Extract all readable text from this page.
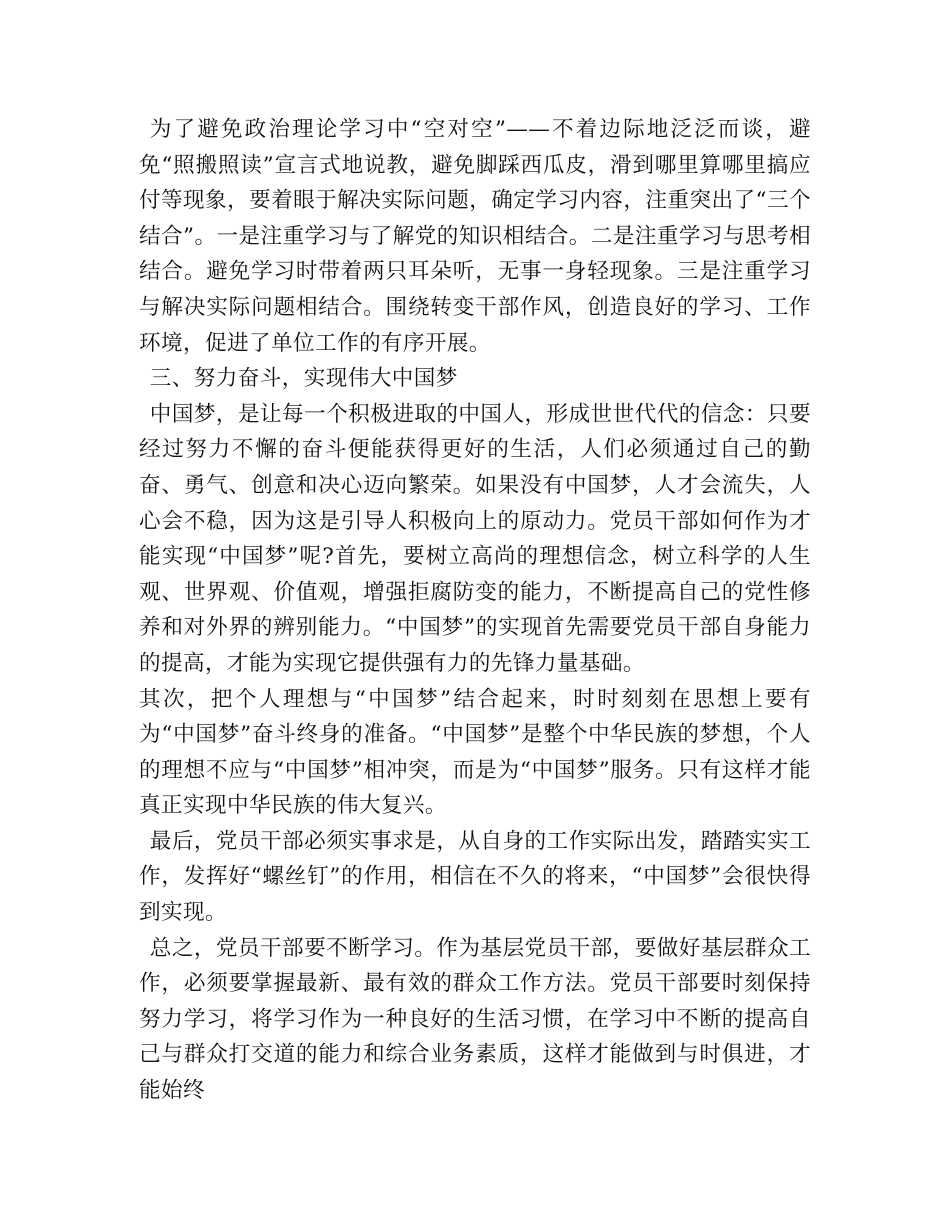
为了避免政治理论学习中“空对空”——不着边际地泛泛而谈，避免“照搬照读”宣言式地说教，避免脚踩西瓜皮，滑到哪里算哪里搞应付等现象，要着眼于解决实际问题，确定学习内容，注重突出了“三个结合”。一是注重学习与了解党的知识相结合。二是注重学习与思考相结合。避免学习时带着两只耳朵听，无事一身轻现象。三是注重学习与解决实际问题相结合。围绕转变干部作风，创造良好的学习、工作环境，促进了单位工作的有序开展。

三、努力奋斗，实现伟大中国梦

中国梦，是让每一个积极进取的中国人，形成世世代代的信念：只要经过努力不懈的奋斗便能获得更好的生活，人们必须通过自己的勤奋、勇气、创意和决心迈向繁荣。如果没有中国梦，人才会流失，人心会不稳，因为这是引导人积极向上的原动力。党员干部如何作为才能实现“中国梦”呢?首先，要树立高尚的理想信念，树立科学的人生观、世界观、价值观，增强拒腐防变的能力，不断提高自己的党性修养和对外界的辨别能力。“中国梦”的实现首先需要党员干部自身能力的提高，才能为实现它提供强有力的先锋力量基础。

其次，把个人理想与“中国梦”结合起来，时时刻刻在思想上要有为“中国梦”奋斗终身的准备。“中国梦”是整个中华民族的梦想，个人的理想不应与“中国梦”相冲突，而是为“中国梦”服务。只有这样才能真正实现中华民族的伟大复兴。

最后，党员干部必须实事求是，从自身的工作实际出发，踏踏实实工作，发挥好“螺丝钉”的作用，相信在不久的将来，“中国梦”会很快得到实现。

总之，党员干部要不断学习。作为基层党员干部，要做好基层群众工作，必须要掌握最新、最有效的群众工作方法。党员干部要时刻保持努力学习，将学习作为一种良好的生活习惯，在学习中不断的提高自己与群众打交道的能力和综合业务素质，这样才能做到与时俱进，才能始终
